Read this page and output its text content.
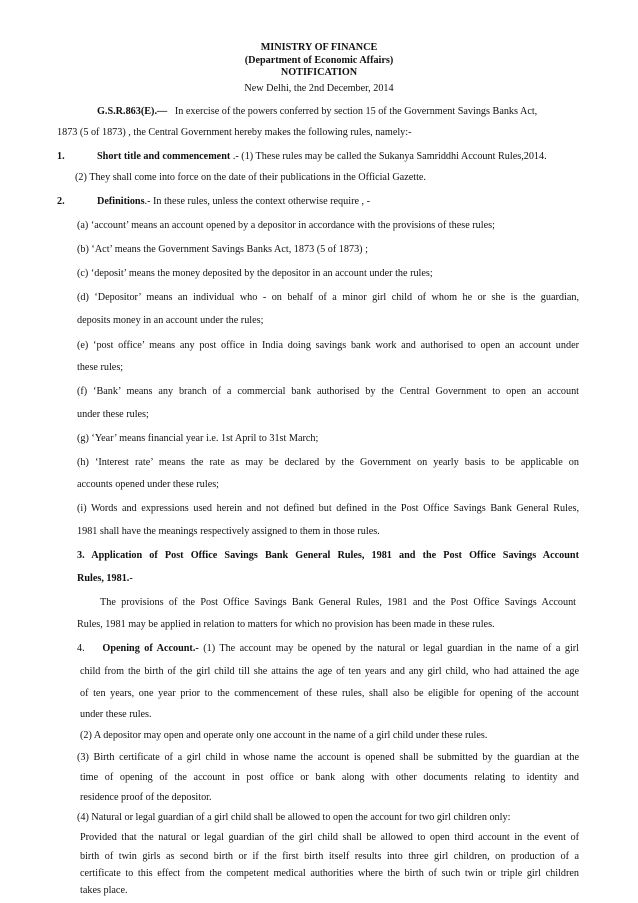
MINISTRY OF FINANCE
(Department of Economic Affairs)
NOTIFICATION
New Delhi, the 2nd December, 2014
G.S.R.863(E).— In exercise of the powers conferred by section 15 of the Government Savings Banks Act,
1873 (5 of 1873) , the Central Government hereby makes the following rules, namely:-
1.	Short title and commencement .- (1) These rules may be called the Sukanya Samriddhi Account Rules,2014.
(2) They shall come into force on the date of their publications in the Official Gazette.
2.	Definitions.- In these rules, unless the context otherwise require , -
(a) ‘account’ means an account opened by a depositor in accordance with the provisions of these rules;
(b) ‘Act’ means the Government Savings Banks Act, 1873 (5 of 1873) ;
(c) ‘deposit’ means the money deposited by the depositor in an account under the rules;
(d) ‘Depositor’ means an individual who - on behalf of a minor girl child of whom he or she is the guardian,
deposits money in an account under the rules;
(e) ‘post office’ means any post office in India doing savings bank work and authorised to open an account under
these rules;
(f) ‘Bank’ means any branch of a commercial bank authorised by the Central Government to open an account
under these rules;
(g) ‘Year’ means financial year i.e. 1st April to 31st March;
(h) ‘Interest rate’ means the rate as may be declared by the Government on yearly basis to be applicable on
accounts opened under these rules;
(i) Words and expressions used herein and not defined but defined in the Post Office Savings Bank General Rules,
1981 shall have the meanings respectively assigned to them in those rules.
3. Application of Post Office Savings Bank General Rules, 1981 and the Post Office Savings Account
Rules, 1981.-
The provisions of the Post Office Savings Bank General Rules, 1981 and the Post Office Savings Account
Rules, 1981 may be applied in relation to matters for which no provision has been made in these rules.
4. Opening of Account.- (1) The account may be opened by the natural or legal guardian in the name of a girl
child from the birth of the girl child till she attains the age of ten years and any girl child, who had attained the age
of ten years, one year prior to the commencement of these rules, shall also be eligible for opening of the account
under these rules.
(2) A depositor may open and operate only one account in the name of a girl child under these rules.
(3) Birth certificate of a girl child in whose name the account is opened shall be submitted by the guardian at the
time of opening of the account in post office or bank along with other documents relating to identity and
residence proof of the depositor.
(4) Natural or legal guardian of a girl child shall be allowed to open the account for two girl children only:
Provided that the natural or legal guardian of the girl child shall be allowed to open third account in the event of
birth of twin girls as second birth or if the first birth itself results into three girl children, on production of a
certificate to this effect from the competent medical authorities where the birth of such twin or triple girl children
takes place.
